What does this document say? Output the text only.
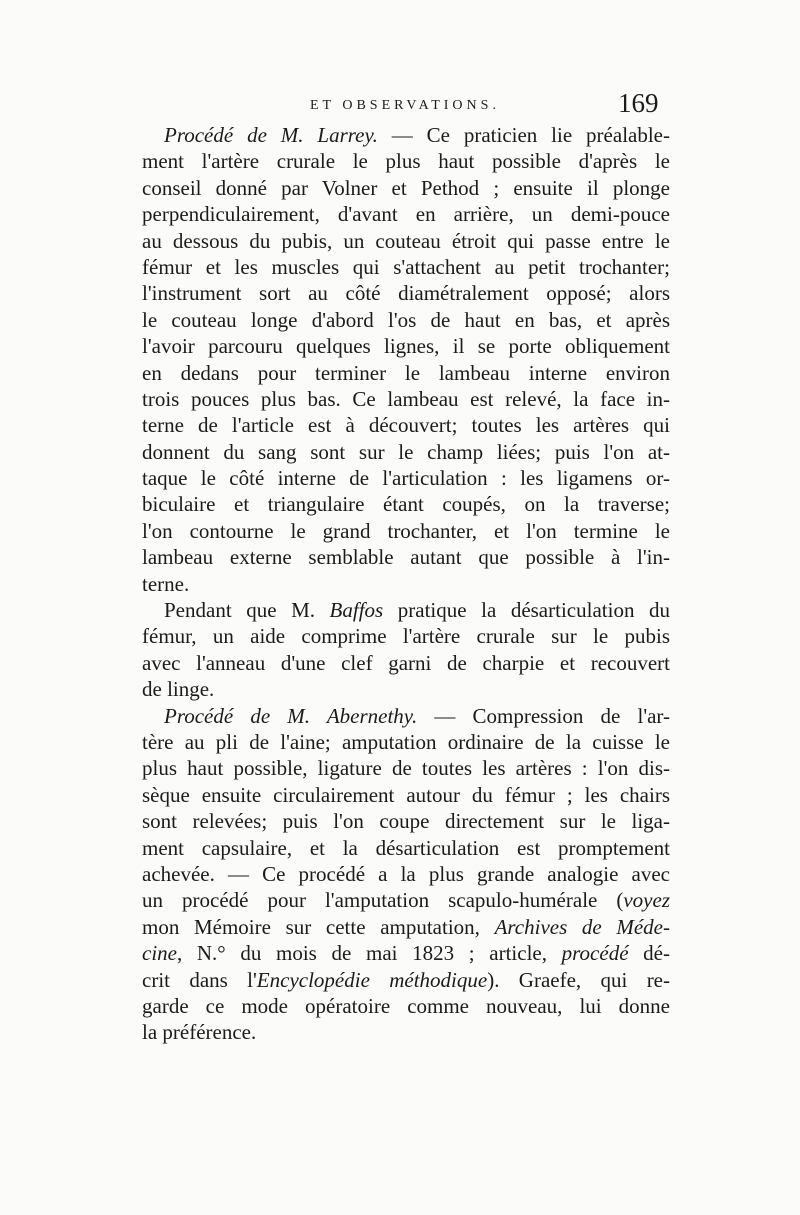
ET OBSERVATIONS.	169
Procédé de M. Larrey. — Ce praticien lie préalable-
ment l'artère crurale le plus haut possible d'après le
conseil donné par Volner et Pethod ; ensuite il plonge
perpendiculairement, d'avant en arrière, un demi-pouce
au dessous du pubis, un couteau étroit qui passe entre le
fémur et les muscles qui s'attachent au petit trochanter;
l'instrument sort au côté diamétralement opposé; alors
le couteau longe d'abord l'os de haut en bas, et après
l'avoir parcouru quelques lignes, il se porte obliquement
en dedans pour terminer le lambeau interne environ
trois pouces plus bas. Ce lambeau est relevé, la face in-
terne de l'article est à découvert; toutes les artères qui
donnent du sang sont sur le champ liées; puis l'on at-
taque le côté interne de l'articulation : les ligamens or-
biculaire et triangulaire étant coupés, on la traverse;
l'on contourne le grand trochanter, et l'on termine le
lambeau externe semblable autant que possible à l'in-
terne.
Pendant que M. Baffos pratique la désarticulation du
fémur, un aide comprime l'artère crurale sur le pubis
avec l'anneau d'une clef garni de charpie et recouvert
de linge.
Procédé de M. Abernethy. — Compression de l'ar-
tère au pli de l'aine; amputation ordinaire de la cuisse le
plus haut possible, ligature de toutes les artères : l'on dis-
sèque ensuite circulairement autour du fémur ; les chairs
sont relevées; puis l'on coupe directement sur le liga-
ment capsulaire, et la désarticulation est promptement
achevée. — Ce procédé a la plus grande analogie avec
un procédé pour l'amputation scapulo-humérale (voyez
mon Mémoire sur cette amputation, Archives de Méde-
cine, N.° du mois de mai 1823 ; article, procédé dé-
crit dans l'Encyclopédie méthodique). Graefe, qui re-
garde ce mode opératoire comme nouveau, lui donne
la préférence.
